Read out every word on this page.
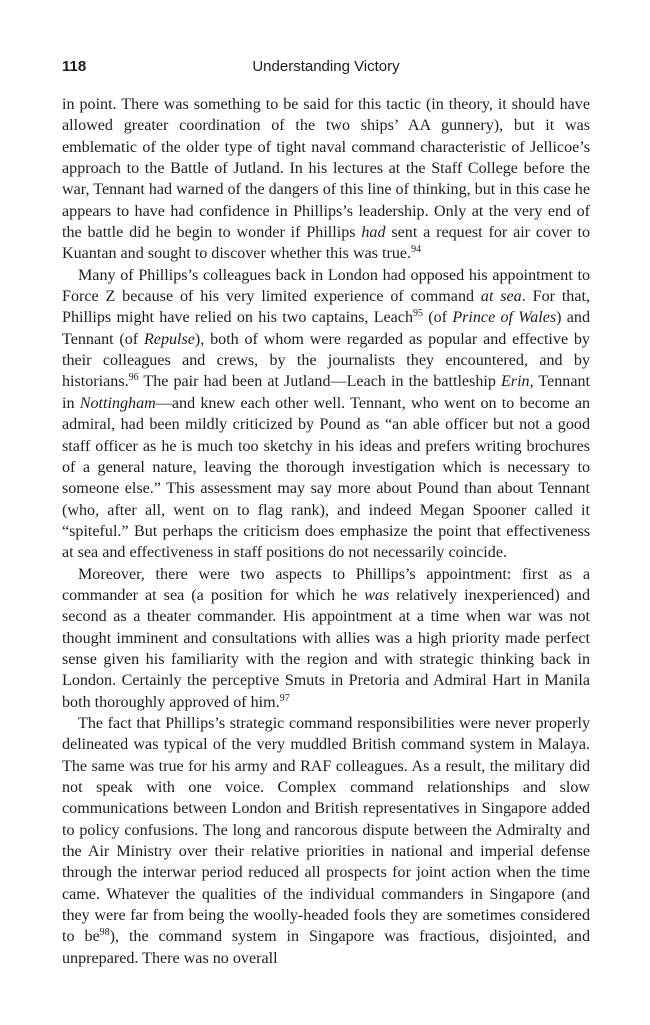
118	Understanding Victory

in point. There was something to be said for this tactic (in theory, it should have allowed greater coordination of the two ships’ AA gunnery), but it was emblematic of the older type of tight naval command characteristic of Jellicoe’s approach to the Battle of Jutland. In his lectures at the Staff College before the war, Tennant had warned of the dangers of this line of thinking, but in this case he appears to have had confidence in Phillips’s leadership. Only at the very end of the battle did he begin to wonder if Phillips had sent a request for air cover to Kuantan and sought to discover whether this was true.$^{94}$

Many of Phillips’s colleagues back in London had opposed his appointment to Force Z because of his very limited experience of command at sea. For that, Phillips might have relied on his two captains, Leach$^{95}$ (of Prince of Wales) and Tennant (of Repulse), both of whom were regarded as popular and effective by their colleagues and crews, by the journalists they encountered, and by historians.$^{96}$ The pair had been at Jutland—Leach in the battleship Erin, Tennant in Nottingham—and knew each other well. Tennant, who went on to become an admiral, had been mildly criticized by Pound as “an able officer but not a good staff officer as he is much too sketchy in his ideas and prefers writing brochures of a general nature, leaving the thorough investigation which is necessary to someone else.” This assessment may say more about Pound than about Tennant (who, after all, went on to flag rank), and indeed Megan Spooner called it “spiteful.” But perhaps the criticism does emphasize the point that effectiveness at sea and effectiveness in staff positions do not necessarily coincide.

Moreover, there were two aspects to Phillips’s appointment: first as a commander at sea (a position for which he was relatively inexperienced) and second as a theater commander. His appointment at a time when war was not thought imminent and consultations with allies was a high priority made perfect sense given his familiarity with the region and with strategic thinking back in London. Certainly the perceptive Smuts in Pretoria and Admiral Hart in Manila both thoroughly approved of him.$^{97}$

The fact that Phillips’s strategic command responsibilities were never properly delineated was typical of the very muddled British command system in Malaya. The same was true for his army and RAF colleagues. As a result, the military did not speak with one voice. Complex command relationships and slow communications between London and British representatives in Singapore added to policy confusions. The long and rancorous dispute between the Admiralty and the Air Ministry over their relative priorities in national and imperial defense through the interwar period reduced all prospects for joint action when the time came. Whatever the qualities of the individual commanders in Singapore (and they were far from being the woolly-headed fools they are sometimes considered to $be^{98}$), the command system in Singapore was fractious, disjointed, and unprepared. There was no overall
